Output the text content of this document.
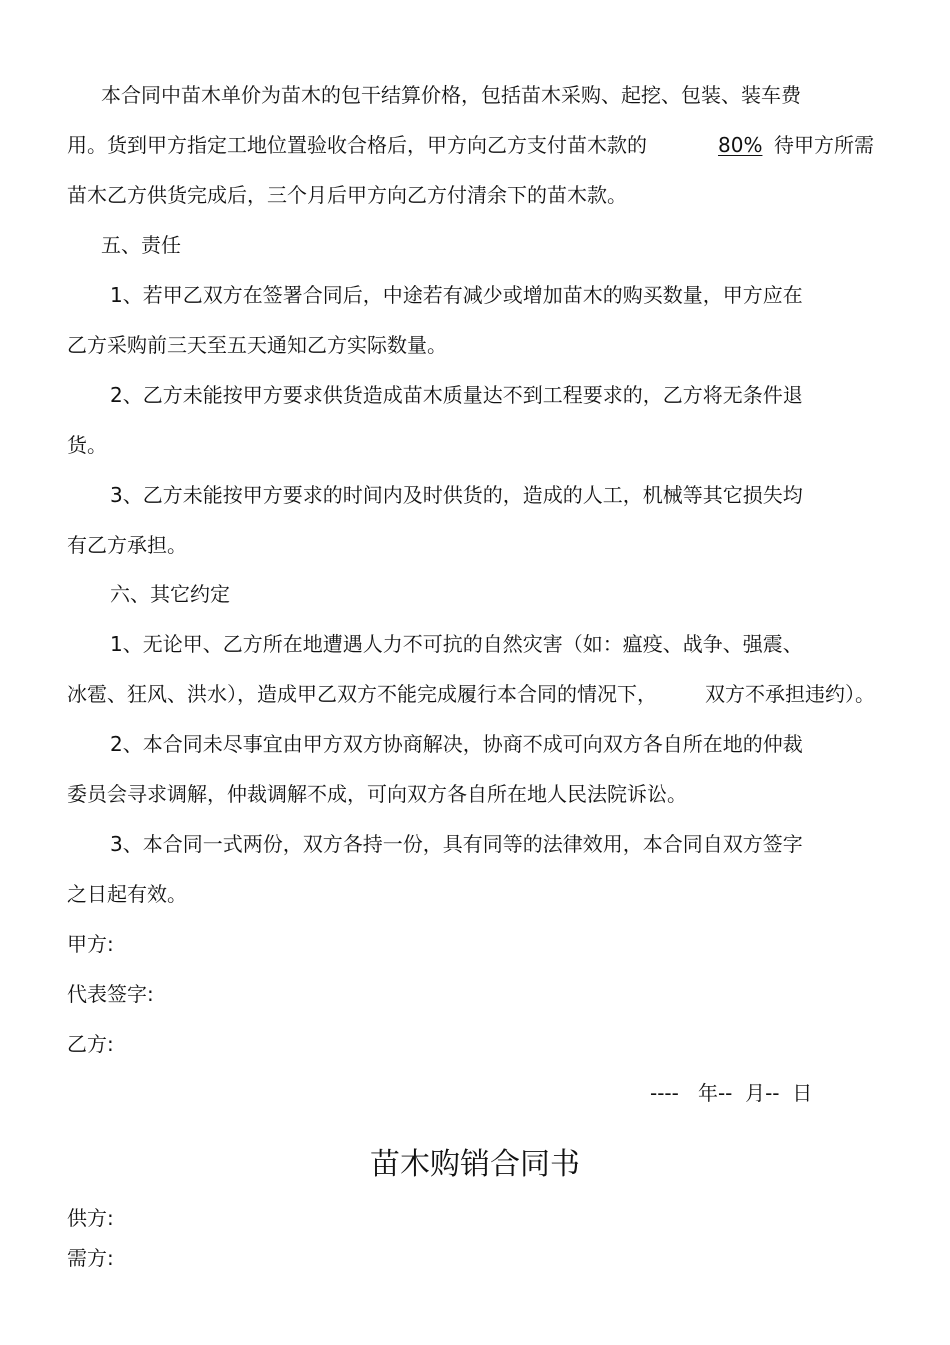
本合同中苗木单价为苗木的包干结算价格，包括苗木采购、起挖、包装、装车费
用。货到甲方指定工地位置验收合格后，甲方向乙方支付苗木款的	80% 待甲方所需
苗木乙方供货完成后，三个月后甲方向乙方付清余下的苗木款。
五、责任
1、若甲乙双方在签署合同后，中途若有减少或增加苗木的购买数量，甲方应在
乙方采购前三天至五天通知乙方实际数量。
2、乙方未能按甲方要求供货造成苗木质量达不到工程要求的，乙方将无条件退
货。
3、乙方未能按甲方要求的时间内及时供货的，造成的人工，机械等其它损失均
有乙方承担。
六、其它约定
1、无论甲、乙方所在地遭遇人力不可抗的自然灾害（如：瘟疫、战争、强震、
冰雹、狂风、洪水），造成甲乙双方不能完成履行本合同的情况下， 双方不承担违约）。
2、本合同未尽事宜由甲方双方协商解决，协商不成可向双方各自所在地的仲裁
委员会寻求调解，仲裁调解不成，可向双方各自所在地人民法院诉讼。
3、本合同一式两份，双方各持一份，具有同等的法律效用，本合同自双方签字
之日起有效。
甲方:
代表签字:
乙方:
----   年--  月--  日
苗木购销合同书
供方:
需方:
